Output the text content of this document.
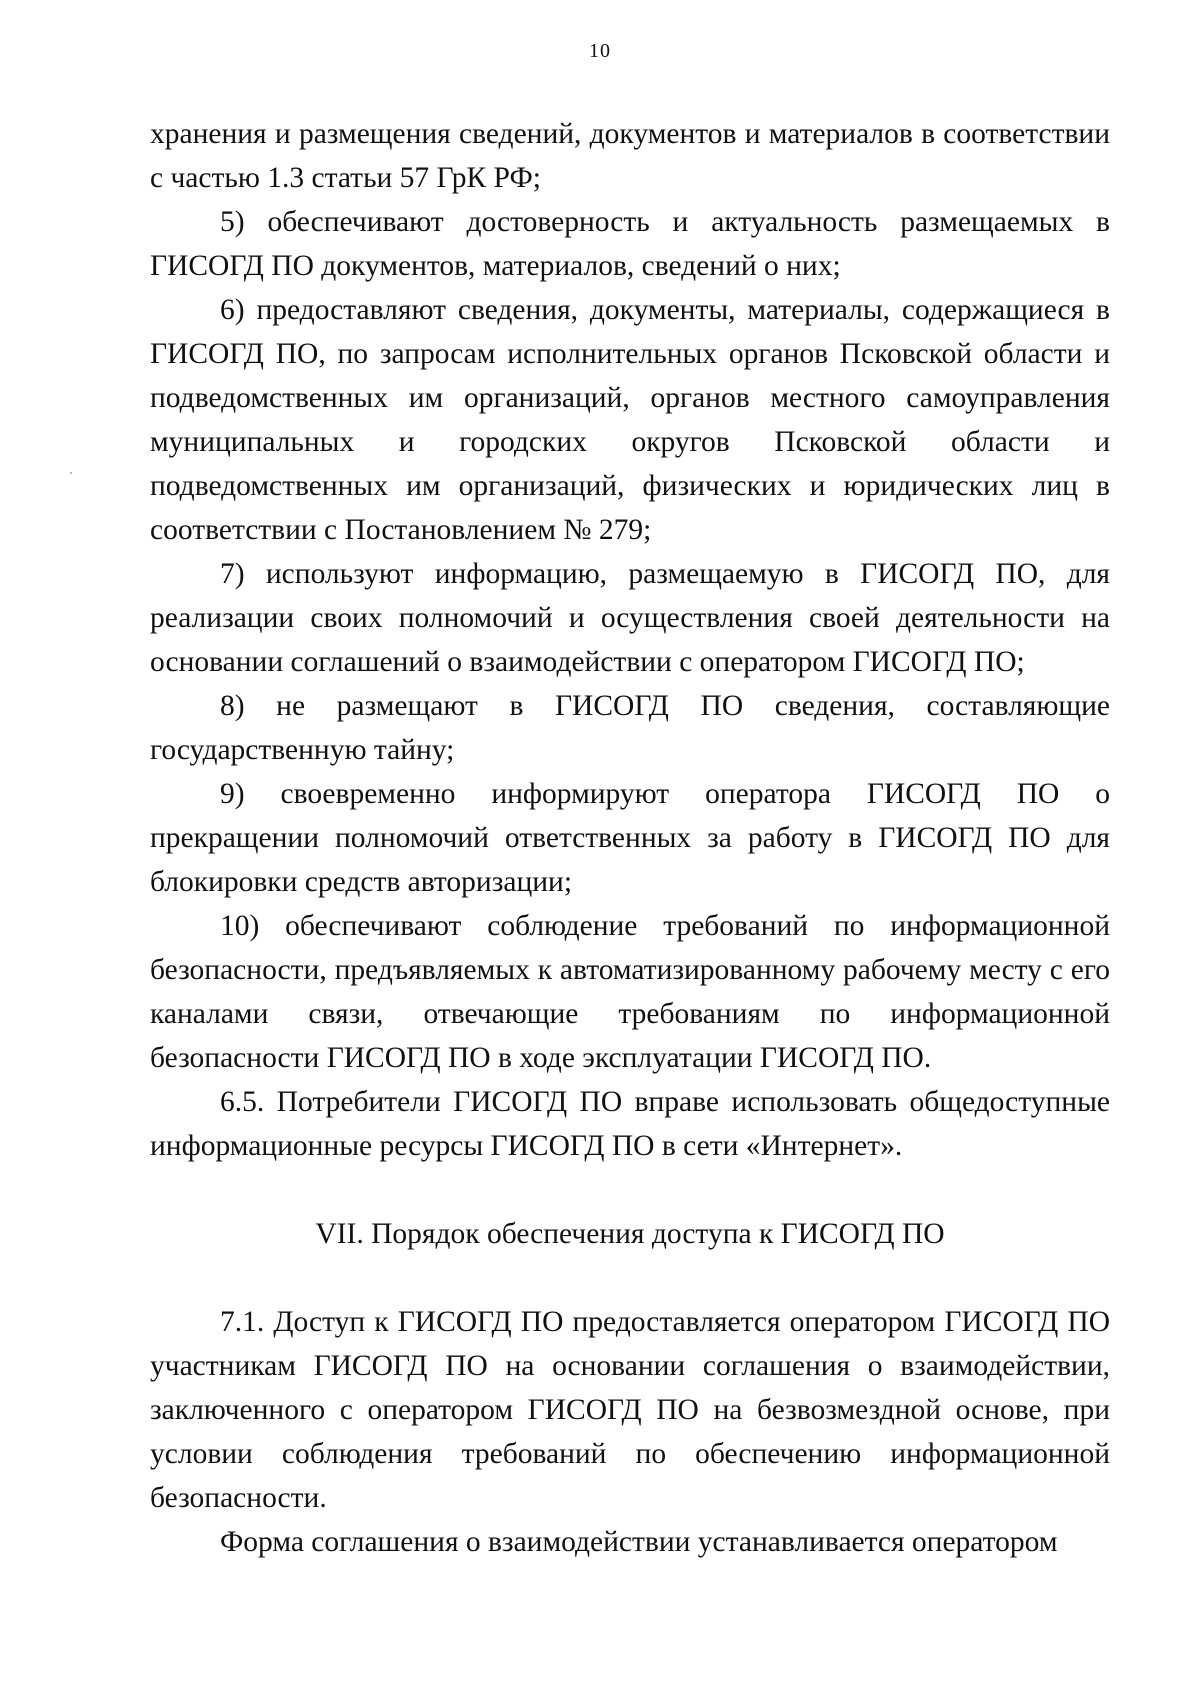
10

хранения и размещения сведений, документов и материалов в соответствии с частью 1.3 статьи 57 ГрК РФ;

5) обеспечивают достоверность и актуальность размещаемых в ГИСОГД ПО документов, материалов, сведений о них;

6) предоставляют сведения, документы, материалы, содержащиеся в ГИСОГД ПО, по запросам исполнительных органов Псковской области и подведомственных им организаций, органов местного самоуправления муниципальных и городских округов Псковской области и подведомственных им организаций, физических и юридических лиц в соответствии с Постановлением № 279;

7) используют информацию, размещаемую в ГИСОГД ПО, для реализации своих полномочий и осуществления своей деятельности на основании соглашений о взаимодействии с оператором ГИСОГД ПО;

8) не размещают в ГИСОГД ПО сведения, составляющие государственную тайну;

9) своевременно информируют оператора ГИСОГД ПО о прекращении полномочий ответственных за работу в ГИСОГД ПО для блокировки средств авторизации;

10) обеспечивают соблюдение требований по информационной безопасности, предъявляемых к автоматизированному рабочему месту с его каналами связи, отвечающие требованиям по информационной безопасности ГИСОГД ПО в ходе эксплуатации ГИСОГД ПО.

6.5. Потребители ГИСОГД ПО вправе использовать общедоступные информационные ресурсы ГИСОГД ПО в сети «Интернет».

VII. Порядок обеспечения доступа к ГИСОГД ПО

7.1. Доступ к ГИСОГД ПО предоставляется оператором ГИСОГД ПО участникам ГИСОГД ПО на основании соглашения о взаимодействии, заключенного с оператором ГИСОГД ПО на безвозмездной основе, при условии соблюдения требований по обеспечению информационной безопасности.

Форма соглашения о взаимодействии устанавливается оператором
